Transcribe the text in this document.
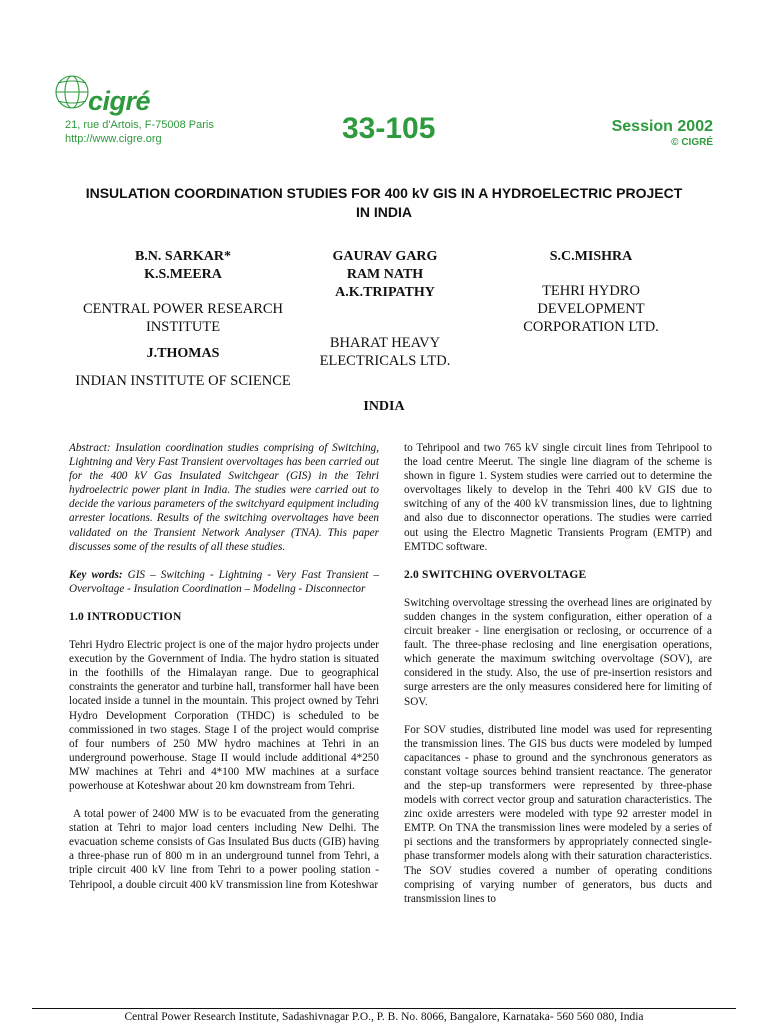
cigré
21, rue d'Artois, F-75008 Paris
http://www.cigre.org	33-105	Session 2002
© CIGRÉ
INSULATION COORDINATION STUDIES FOR 400 kV GIS IN A HYDROELECTRIC PROJECT IN INDIA
B.N. SARKAR*
K.S.MEERA
CENTRAL POWER RESEARCH
INSTITUTE
J.THOMAS
INDIAN INSTITUTE OF SCIENCE
GAURAV GARG
RAM NATH
A.K.TRIPATHY
BHARAT HEAVY
ELECTRICALS LTD.
S.C.MISHRA
TEHRI HYDRO
DEVELOPMENT
CORPORATION LTD.
INDIA

Abstract: Insulation coordination studies comprising of Switching, Lightning and Very Fast Transient overvoltages has been carried out for the 400 kV Gas Insulated Switchgear (GIS) in the Tehri hydroelectric power plant in India. The studies were carried out to decide the various parameters of the switchyard equipment including arrester locations. Results of the switching overvoltages have been validated on the Transient Network Analyser (TNA). This paper discusses some of the results of all these studies.

Key words: GIS – Switching - Lightning - Very Fast Transient – Overvoltage - Insulation Coordination – Modeling - Disconnector

1.0 INTRODUCTION

Tehri Hydro Electric project is one of the major hydro projects under execution by the Government of India. The hydro station is situated in the foothills of the Himalayan range. Due to geographical constraints the generator and turbine hall, transformer hall have been located inside a tunnel in the mountain. This project owned by Tehri Hydro Development Corporation (THDC) is scheduled to be commissioned in two stages. Stage I of the project would comprise of four numbers of 250 MW hydro machines at Tehri in an underground powerhouse. Stage II would include additional 4*250 MW machines at Tehri and 4*100 MW machines at a surface powerhouse at Koteshwar about 20 km downstream from Tehri.

A total power of 2400 MW is to be evacuated from the generating station at Tehri to major load centers including New Delhi. The evacuation scheme consists of Gas Insulated Bus ducts (GIB) having a three-phase run of 800 m in an underground tunnel from Tehri, a triple circuit 400 kV line from Tehri to a power pooling station - Tehripool, a double circuit 400 kV transmission line from Koteshwar

to Tehripool and two 765 kV single circuit lines from Tehripool to the load centre Meerut. The single line diagram of the scheme is shown in figure 1. System studies were carried out to determine the overvoltages likely to develop in the Tehri 400 kV GIS due to switching of any of the 400 kV transmission lines, due to lightning and also due to disconnector operations. The studies were carried out using the Electro Magnetic Transients Program (EMTP) and EMTDC software.

2.0 SWITCHING OVERVOLTAGE

Switching overvoltage stressing the overhead lines are originated by sudden changes in the system configuration, either operation of a circuit breaker - line energisation or reclosing, or occurrence of a fault. The three-phase reclosing and line energisation operations, which generate the maximum switching overvoltage (SOV), are considered in the study. Also, the use of pre-insertion resistors and surge arresters are the only measures considered here for limiting of SOV.

For SOV studies, distributed line model was used for representing the transmission lines. The GIS bus ducts were modeled by lumped capacitances - phase to ground and the synchronous generators as constant voltage sources behind transient reactance. The generator and the step-up transformers were represented by three-phase models with correct vector group and saturation characteristics. The zinc oxide arresters were modeled with type 92 arrester model in EMTP. On TNA the transmission lines were modeled by a series of pi sections and the transformers by appropriately connected single-phase transformer models along with their saturation characteristics. The SOV studies covered a number of operating conditions comprising of varying number of generators, bus ducts and transmission lines to

Central Power Research Institute, Sadashivnagar P.O., P. B. No. 8066, Bangalore, Karnataka- 560 560 080, India
